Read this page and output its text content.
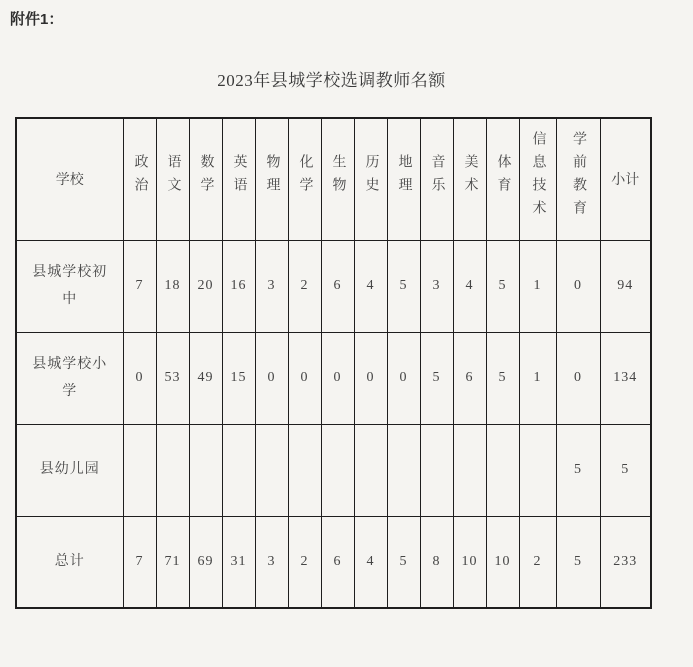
附件1：
2023年县城学校选调教师名额
学校	政治	语文	数学	英语	物理	化学	生物	历史	地理	音乐	美术	体育	信息技术	学前教育	小计
县城学校初中	7	18	20	16	3	2	6	4	5	3	4	5	1	0	94
县城学校小学	0	53	49	15	0	0	0	0	0	5	6	5	1	0	134
县幼儿园														5	5
总计	7	71	69	31	3	2	6	4	5	8	10	10	2	5	233
